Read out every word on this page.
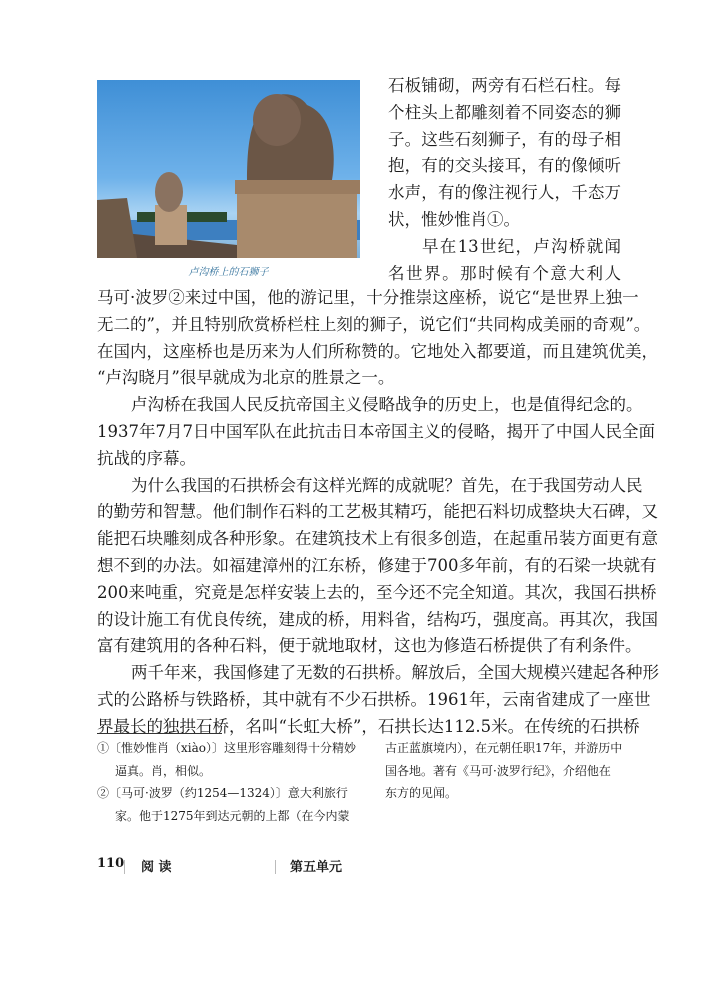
卢沟桥上的石狮子
石板铺砌，两旁有石栏石柱。每
个柱头上都雕刻着不同姿态的狮
子。这些石刻狮子，有的母子相
抱，有的交头接耳，有的像倾听
水声，有的像注视行人，千态万
状，惟妙惟肖①。
早在13世纪，卢沟桥就闻
名世界。那时候有个意大利人
马可·波罗②来过中国，他的游记里，十分推崇这座桥，说它“是世界上独一
无二的”，并且特别欣赏桥栏柱上刻的狮子，说它们“共同构成美丽的奇观”。
在国内，这座桥也是历来为人们所称赞的。它地处入都要道，而且建筑优美，
“卢沟晓月”很早就成为北京的胜景之一。
卢沟桥在我国人民反抗帝国主义侵略战争的历史上，也是值得纪念的。
1937年7月7日中国军队在此抗击日本帝国主义的侵略，揭开了中国人民全面
抗战的序幕。
为什么我国的石拱桥会有这样光辉的成就呢？首先，在于我国劳动人民
的勤劳和智慧。他们制作石料的工艺极其精巧，能把石料切成整块大石碑，又
能把石块雕刻成各种形象。在建筑技术上有很多创造，在起重吊装方面更有意
想不到的办法。如福建漳州的江东桥，修建于700多年前，有的石梁一块就有
200来吨重，究竟是怎样安装上去的，至今还不完全知道。其次，我国石拱桥
的设计施工有优良传统，建成的桥，用料省，结构巧，强度高。再其次，我国
富有建筑用的各种石料，便于就地取材，这也为修造石桥提供了有利条件。
两千年来，我国修建了无数的石拱桥。解放后，全国大规模兴建起各种形
式的公路桥与铁路桥，其中就有不少石拱桥。1961年，云南省建成了一座世
界最长的独拱石桥，名叫“长虹大桥”，石拱长达112.5米。在传统的石拱桥
①〔惟妙惟肖（xiào）〕这里形容雕刻得十分精妙
逼真。肖，相似。
②〔马可·波罗（约1254—1324）〕意大利旅行
家。他于1275年到达元朝的上都（在今内蒙
古正蓝旗境内），在元朝任职17年，并游历中
国各地。著有《马可·波罗行纪》，介绍他在
东方的见闻。
110 阅 读	第五单元
